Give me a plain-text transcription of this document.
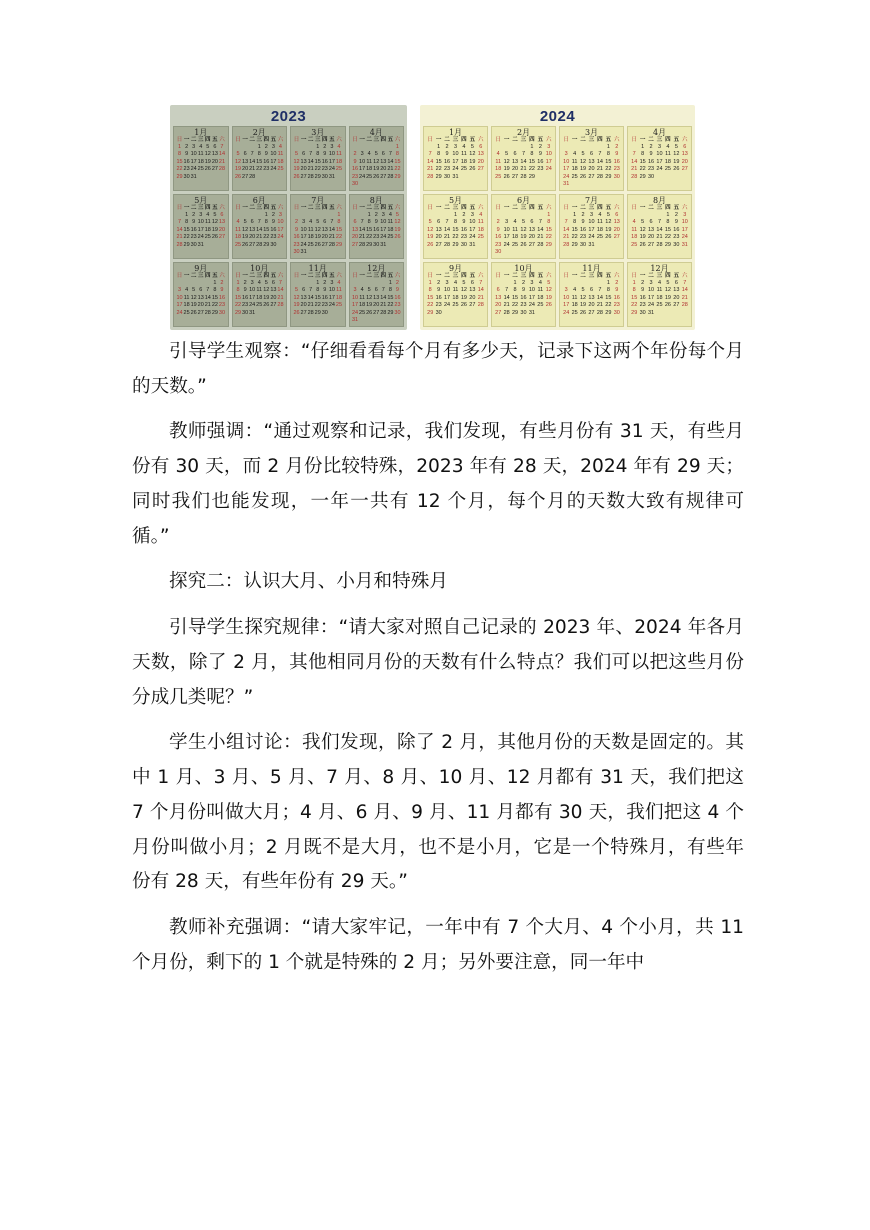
2023
1月
日 一 二 三 四 五 六
1 2 3 4 5 6 7
8 9 10 11 12 13 14
15 16 17 18 19 20 21
22 23 24 25 26 27 28
29 30 31
2月
日 一 二 三 四 五 六
1 2 3 4
5 6 7 8 9 10 11
12 13 14 15 16 17 18
19 20 21 22 23 24 25
26 27 28
3月
日 一 二 三 四 五 六
1 2 3 4
5 6 7 8 9 10 11
12 13 14 15 16 17 18
19 20 21 22 23 24 25
26 27 28 29 30 31
4月
日 一 二 三 四 五 六
1
2 3 4 5 6 7 8
9 10 11 12 13 14 15
16 17 18 19 20 21 22
23 24 25 26 27 28 29
30
5月
日 一 二 三 四 五 六
1 2 3 4 5 6
7 8 9 10 11 12 13
14 15 16 17 18 19 20
21 22 23 24 25 26 27
28 29 30 31
6月
日 一 二 三 四 五 六
1 2 3
4 5 6 7 8 9 10
11 12 13 14 15 16 17
18 19 20 21 22 23 24
25 26 27 28 29 30
7月
日 一 二 三 四 五 六
1
2 3 4 5 6 7 8
9 10 11 12 13 14 15
16 17 18 19 20 21 22
23 24 25 26 27 28 29
30 31
8月
日 一 二 三 四 五 六
1 2 3 4 5
6 7 8 9 10 11 12
13 14 15 16 17 18 19
20 21 22 23 24 25 26
27 28 29 30 31
9月
日 一 二 三 四 五 六
1 2
3 4 5 6 7 8 9
10 11 12 13 14 15 16
17 18 19 20 21 22 23
24 25 26 27 28 29 30
10月
日 一 二 三 四 五 六
1 2 3 4 5 6 7
8 9 10 11 12 13 14
15 16 17 18 19 20 21
22 23 24 25 26 27 28
29 30 31
11月
日 一 二 三 四 五 六
1 2 3 4
5 6 7 8 9 10 11
12 13 14 15 16 17 18
19 20 21 22 23 24 25
26 27 28 29 30
12月
日 一 二 三 四 五 六
1 2
3 4 5 6 7 8 9
10 11 12 13 14 15 16
17 18 19 20 21 22 23
24 25 26 27 28 29 30
31
2024
1月
日 一 二 三 四 五 六
1 2 3 4 5 6
7 8 9 10 11 12 13
14 15 16 17 18 19 20
21 22 23 24 25 26 27
28 29 30 31
2月
日 一 二 三 四 五 六
1 2 3
4 5 6 7 8 9 10
11 12 13 14 15 16 17
18 19 20 21 22 23 24
25 26 27 28 29
3月
日 一 二 三 四 五 六
1 2
3 4 5 6 7 8 9
10 11 12 13 14 15 16
17 18 19 20 21 22 23
24 25 26 27 28 29 30
31
4月
日 一 二 三 四 五 六
1 2 3 4 5 6
7 8 9 10 11 12 13
14 15 16 17 18 19 20
21 22 23 24 25 26 27
28 29 30
5月
日 一 二 三 四 五 六
1 2 3 4
5 6 7 8 9 10 11
12 13 14 15 16 17 18
19 20 21 22 23 24 25
26 27 28 29 30 31
6月
日 一 二 三 四 五 六
1
2 3 4 5 6 7 8
9 10 11 12 13 14 15
16 17 18 19 20 21 22
23 24 25 26 27 28 29
30
7月
日 一 二 三 四 五 六
1 2 3 4 5 6
7 8 9 10 11 12 13
14 15 16 17 18 19 20
21 22 23 24 25 26 27
28 29 30 31
8月
日 一 二 三 四 五 六
1 2 3
4 5 6 7 8 9 10
11 12 13 14 15 16 17
18 19 20 21 22 23 24
25 26 27 28 29 30 31
9月
日 一 二 三 四 五 六
1 2 3 4 5 6 7
8 9 10 11 12 13 14
15 16 17 18 19 20 21
22 23 24 25 26 27 28
29 30
10月
日 一 二 三 四 五 六
1 2 3 4 5
6 7 8 9 10 11 12
13 14 15 16 17 18 19
20 21 22 23 24 25 26
27 28 29 30 31
11月
日 一 二 三 四 五 六
1 2
3 4 5 6 7 8 9
10 11 12 13 14 15 16
17 18 19 20 21 22 23
24 25 26 27 28 29 30
12月
日 一 二 三 四 五 六
1 2 3 4 5 6 7
8 9 10 11 12 13 14
15 16 17 18 19 20 21
22 23 24 25 26 27 28
29 30 31

引导学生观察：“仔细看看每个月有多少天，记录下这两个年份每个月的天数。”

教师强调：“通过观察和记录，我们发现，有些月份有 31 天，有些月份有 30 天，而 2 月份比较特殊，2023 年有 28 天，2024 年有 29 天；同时我们也能发现，一年一共有 12 个月，每个月的天数大致有规律可循。”

探究二：认识大月、小月和特殊月

引导学生探究规律：“请大家对照自己记录的 2023 年、2024 年各月天数，除了 2 月，其他相同月份的天数有什么特点？我们可以把这些月份分成几类呢？”

学生小组讨论：我们发现，除了 2 月，其他月份的天数是固定的。其中 1 月、3 月、5 月、7 月、8 月、10 月、12 月都有 31 天，我们把这 7 个月份叫做大月；4 月、6 月、9 月、11 月都有 30 天，我们把这 4 个月份叫做小月；2 月既不是大月，也不是小月，它是一个特殊月，有些年份有 28 天，有些年份有 29 天。”

教师补充强调：“请大家牢记，一年中有 7 个大月、4 个小月，共 11 个月份，剩下的 1 个就是特殊的 2 月；另外要注意，同一年中
